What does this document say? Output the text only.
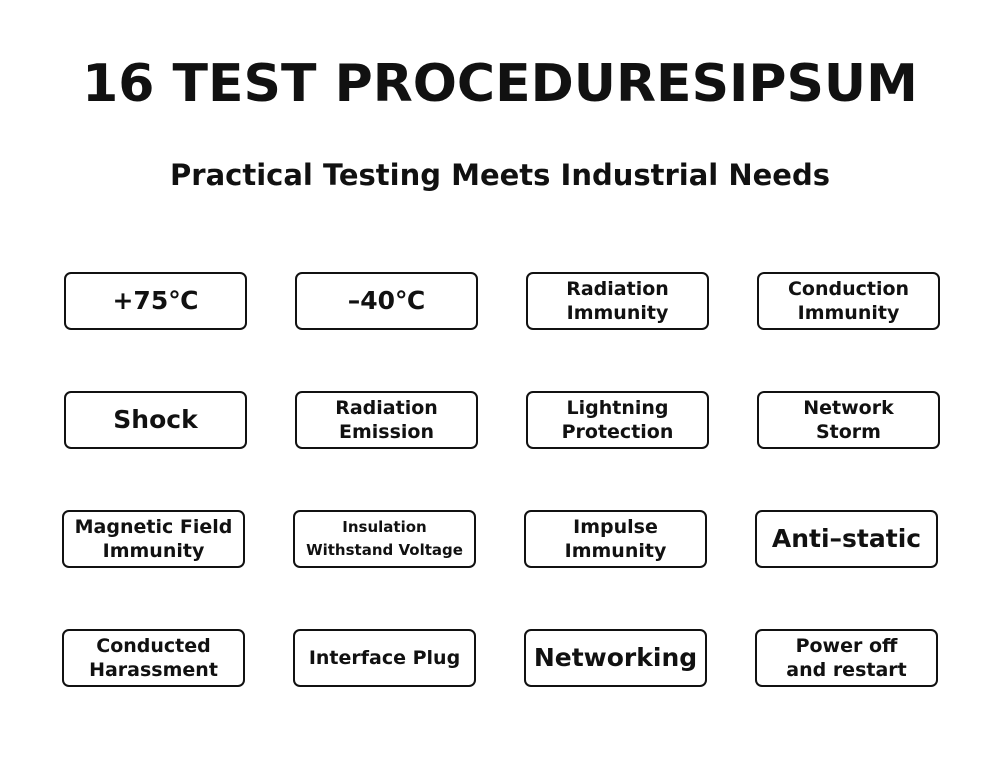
16 TEST PROCEDURESIPSUM
Practical Testing Meets Industrial Needs
+75℃	–40℃	Radiation
Immunity
Conduction
Immunity
Shock	Radiation
Emission
Lightning
Protection
Network
Storm
Magnetic Field
Immunity
Insulation
Withstand Voltage
Impulse
Immunity	Anti–static
Conducted
Harassment
Interface Plug	Networking	Power off
and restart
